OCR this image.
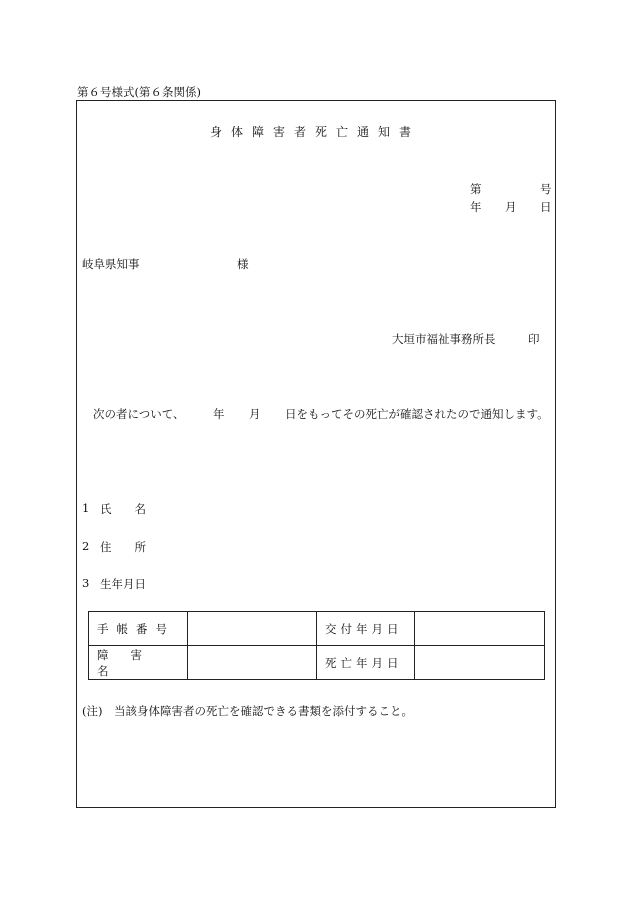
第６号様式(第６条関係)
身体障害者死亡通知書
第	号
年 月 日
岐阜県知事	様
大垣市福祉事務所長	印
次の者について、 年 月 日をもってその死亡が確認されたので通知します。
1 氏　　名
2 住　　所
3 生年月日
手帳番号		交付年月日	
障害名		死亡年月日	
(注)　当該身体障害者の死亡を確認できる書類を添付すること。
